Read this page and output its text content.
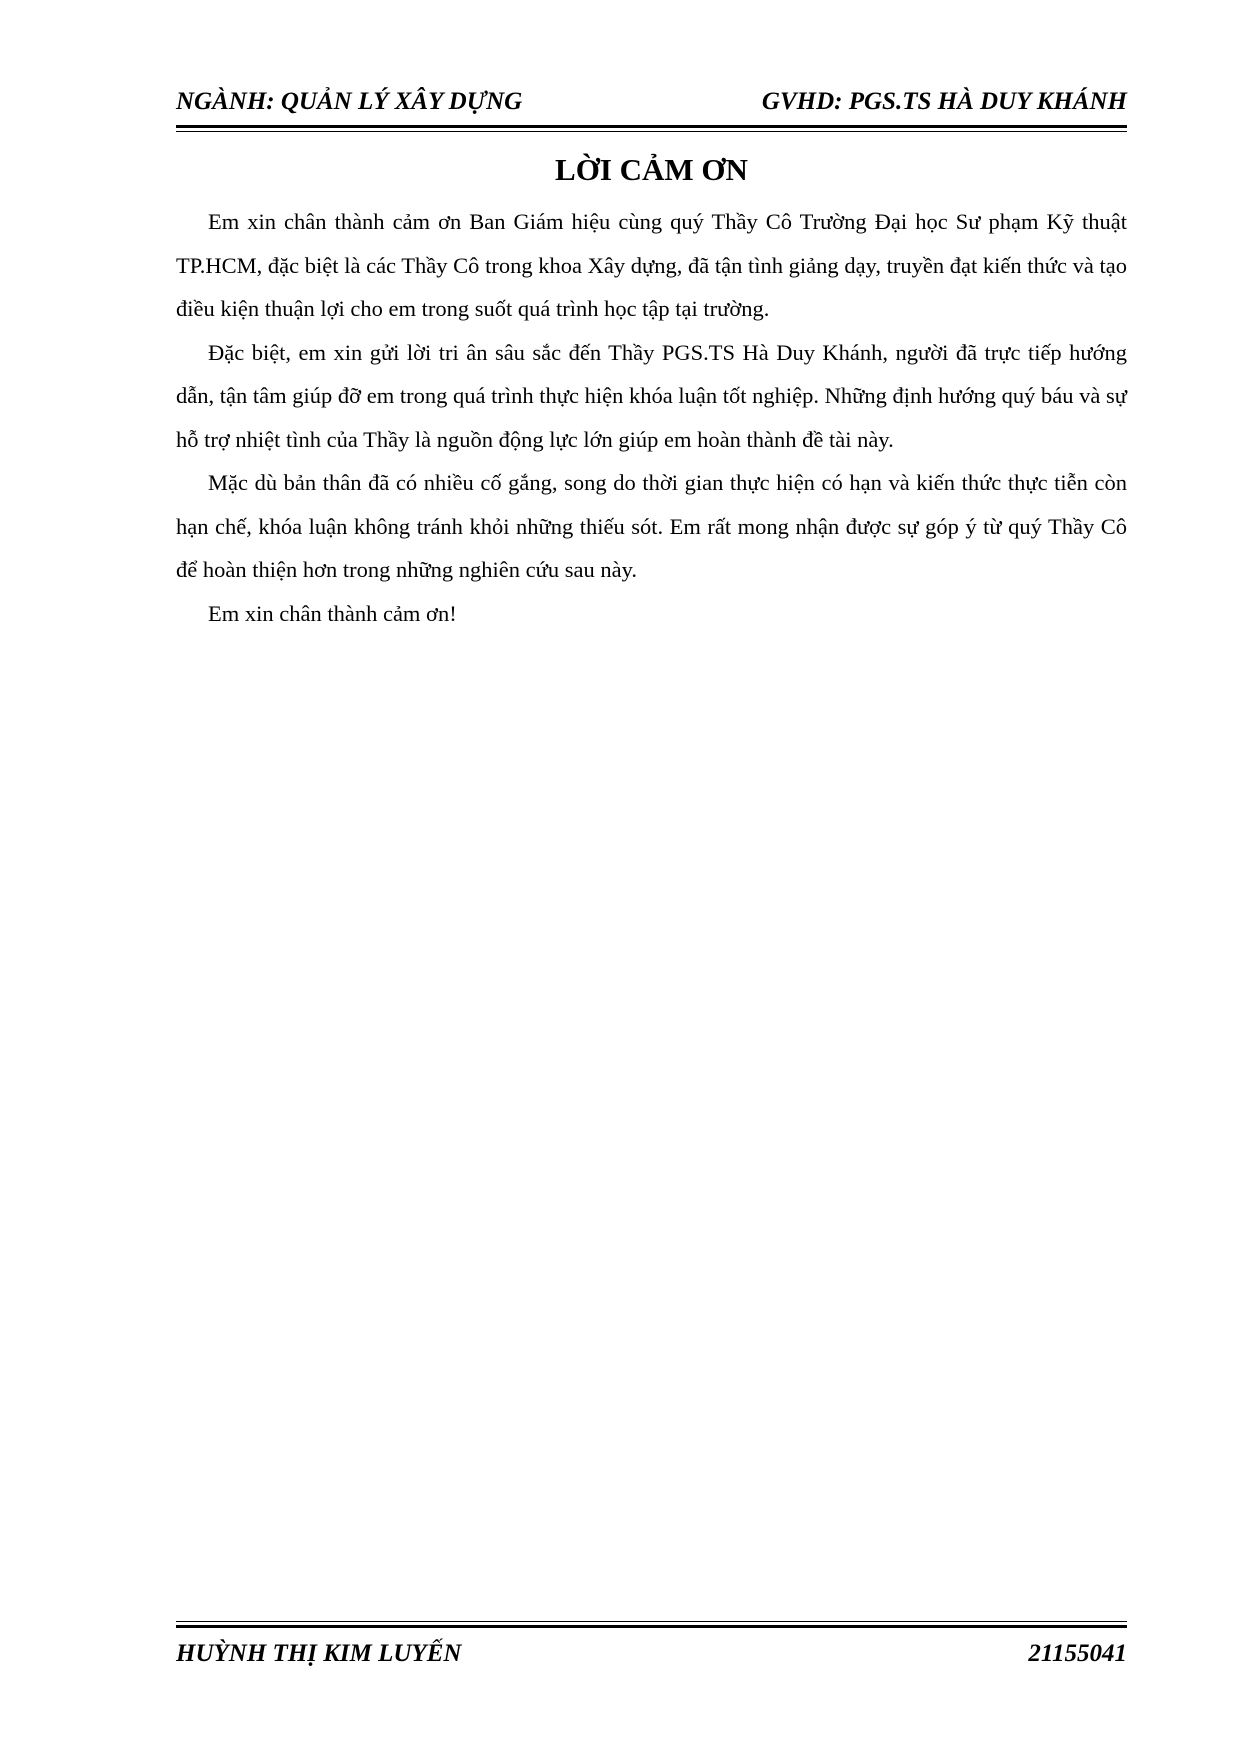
NGÀNH: QUẢN LÝ XÂY DỰNG	GVHD: PGS.TS HÀ DUY KHÁNH
LỜI CẢM ƠN

Em xin chân thành cảm ơn Ban Giám hiệu cùng quý Thầy Cô Trường Đại học Sư phạm Kỹ thuật TP.HCM, đặc biệt là các Thầy Cô trong khoa Xây dựng, đã tận tình giảng dạy, truyền đạt kiến thức và tạo điều kiện thuận lợi cho em trong suốt quá trình học tập tại trường.

Đặc biệt, em xin gửi lời tri ân sâu sắc đến Thầy PGS.TS Hà Duy Khánh, người đã trực tiếp hướng dẫn, tận tâm giúp đỡ em trong quá trình thực hiện khóa luận tốt nghiệp. Những định hướng quý báu và sự hỗ trợ nhiệt tình của Thầy là nguồn động lực lớn giúp em hoàn thành đề tài này.

Mặc dù bản thân đã có nhiều cố gắng, song do thời gian thực hiện có hạn và kiến thức thực tiễn còn hạn chế, khóa luận không tránh khỏi những thiếu sót. Em rất mong nhận được sự góp ý từ quý Thầy Cô để hoàn thiện hơn trong những nghiên cứu sau này.

Em xin chân thành cảm ơn!

HUỲNH THỊ KIM LUYẾN	21155041
